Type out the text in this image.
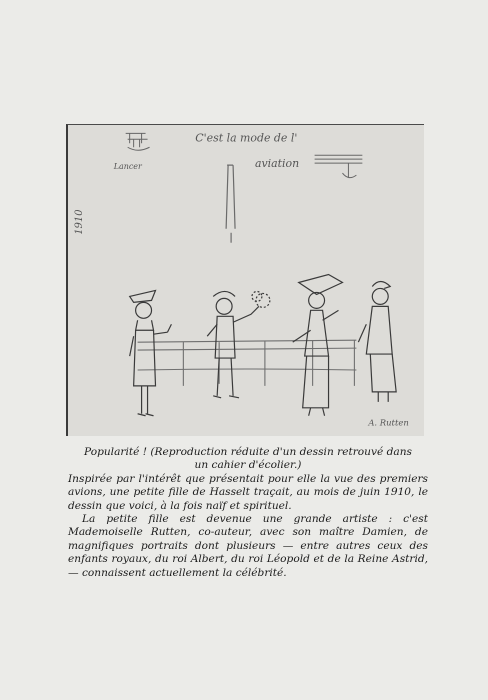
Lancer
C'est la mode de l'
aviation
1910
A. Rutten

Popularité ! (Reproduction réduite d'un dessin retrouvé dans un cahier d'écolier.)

Inspirée par l'intérêt que présentait pour elle la vue des premiers avions, une petite fille de Hasselt traçait, au mois de juin 1910, le dessin que voici, à la fois naïf et spirituel.

La petite fille est devenue une grande artiste : c'est Mademoiselle Rutten, co-auteur, avec son maître Damien, de magnifiques portraits dont plusieurs — entre autres ceux des enfants royaux, du roi Albert, du roi Léopold et de la Reine Astrid, — connaissent actuellement la célébrité.
